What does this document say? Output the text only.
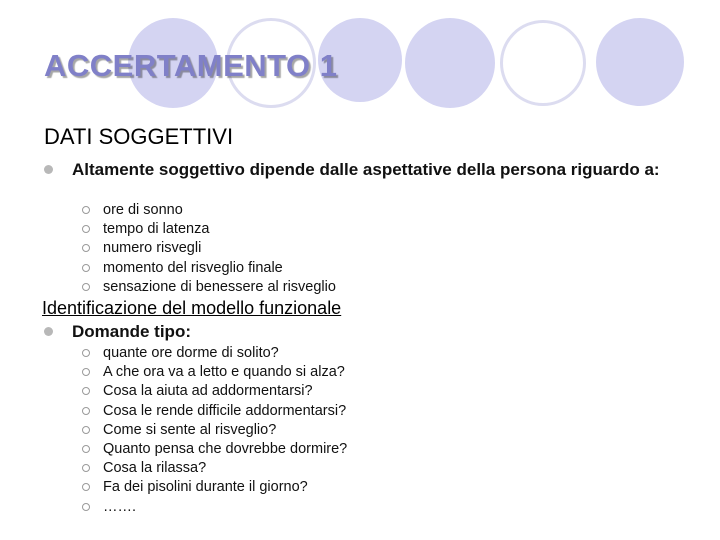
ACCERTAMENTO 1
DATI SOGGETTIVI
Altamente soggettivo dipende dalle aspettative della persona riguardo a:
ore di sonno
tempo di latenza
numero risvegli
momento del risveglio finale
sensazione di benessere al risveglio
Identificazione del modello funzionale
Domande tipo:
quante ore dorme di solito?
A che ora va a letto e quando si alza?
Cosa la aiuta ad addormentarsi?
Cosa le rende difficile addormentarsi?
Come si sente al risveglio?
Quanto pensa che dovrebbe dormire?
Cosa la rilassa?
Fa dei pisolini durante il giorno?
…….
